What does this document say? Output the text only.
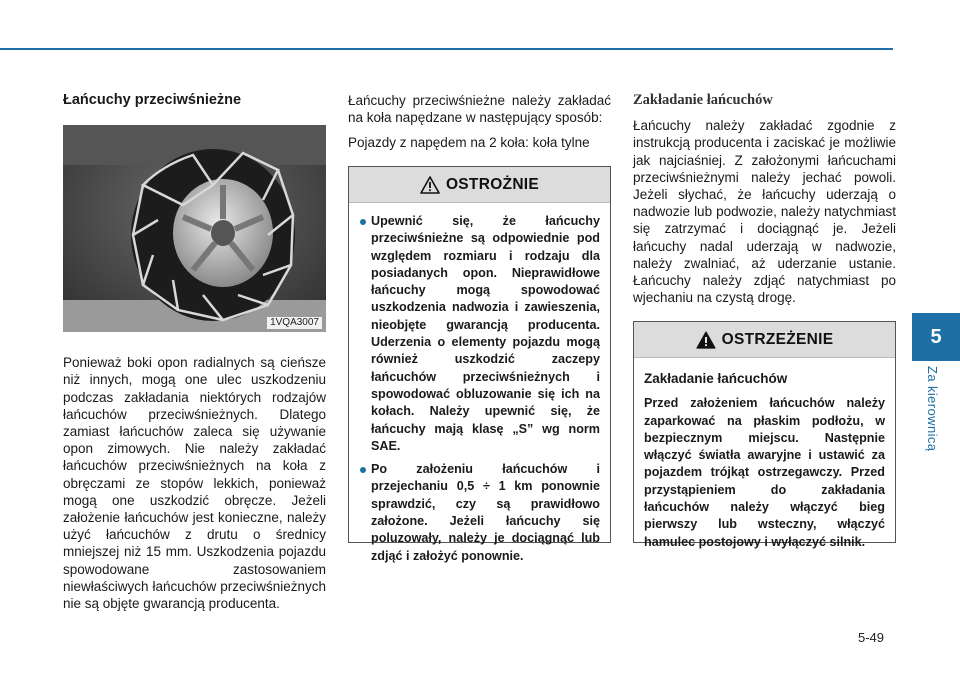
Łańcuchy przeciwśnieżne
1VQA3007

Ponieważ boki opon radialnych są cieńsze niż innych, mogą one ulec uszkodzeniu podczas zakładania niektórych rodzajów łańcuchów przeciwśnieżnych. Dlatego zamiast łańcuchów zaleca się używanie opon zimowych. Nie należy zakładać łańcuchów przeciwśnieżnych na koła z obręczami ze stopów lekkich, ponieważ mogą one uszkodzić obręcze. Jeżeli założenie łańcuchów jest konieczne, należy użyć łańcuchów z drutu o średnicy mniejszej niż 15 mm. Uszkodzenia pojazdu spowodowane zastosowaniem niewłaściwych łańcuchów przeciwśnieżnych nie są objęte gwarancją producenta.

Łańcuchy przeciwśnieżne należy zakładać na koła napędzane w następujący sposób:

Pojazdy z napędem na 2 koła: koła tylne

OSTROŻNIE
Upewnić się, że łańcuchy przeciwśnieżne są odpowiednie pod względem rozmiaru i rodzaju dla posiadanych opon. Nieprawidłowe łańcuchy mogą spowodować uszkodzenia nadwozia i zawieszenia, nieobjęte gwarancją producenta. Uderzenia o elementy pojazdu mogą również uszkodzić zaczepy łańcuchów przeciwśnieżnych i spowodować obluzowanie się ich na kołach. Należy upewnić się, że łańcuchy mają klasę „S” wg norm SAE.
Po założeniu łańcuchów i przejechaniu 0,5 ÷ 1 km ponownie sprawdzić, czy są prawidłowo założone. Jeżeli łańcuchy się poluzowały, należy je dociągnąć lub zdjąć i założyć ponownie.
Zakładanie łańcuchów

Łańcuchy należy zakładać zgodnie z instrukcją producenta i zaciskać je możliwie jak najciaśniej. Z założonymi łańcuchami przeciwśnieżnymi należy jechać powoli. Jeżeli słychać, że łańcuchy uderzają o nadwozie lub podwozie, należy natychmiast się zatrzymać i dociągnąć je. Jeżeli łańcuchy nadal uderzają w nadwozie, należy zwalniać, aż uderzanie ustanie. Łańcuchy należy zdjąć natychmiast po wjechaniu na czystą drogę.

OSTRZEŻENIE
Zakładanie łańcuchów
Przed założeniem łańcuchów należy zaparkować na płaskim podłożu, w bezpiecznym miejscu. Następnie włączyć światła awaryjne i ustawić za pojazdem trójkąt ostrzegawczy. Przed przystąpieniem do zakładania łańcuchów należy włączyć bieg pierwszy lub wsteczny, włączyć hamulec postojowy i wyłączyć silnik.
5
Za kierownicą
5-49
